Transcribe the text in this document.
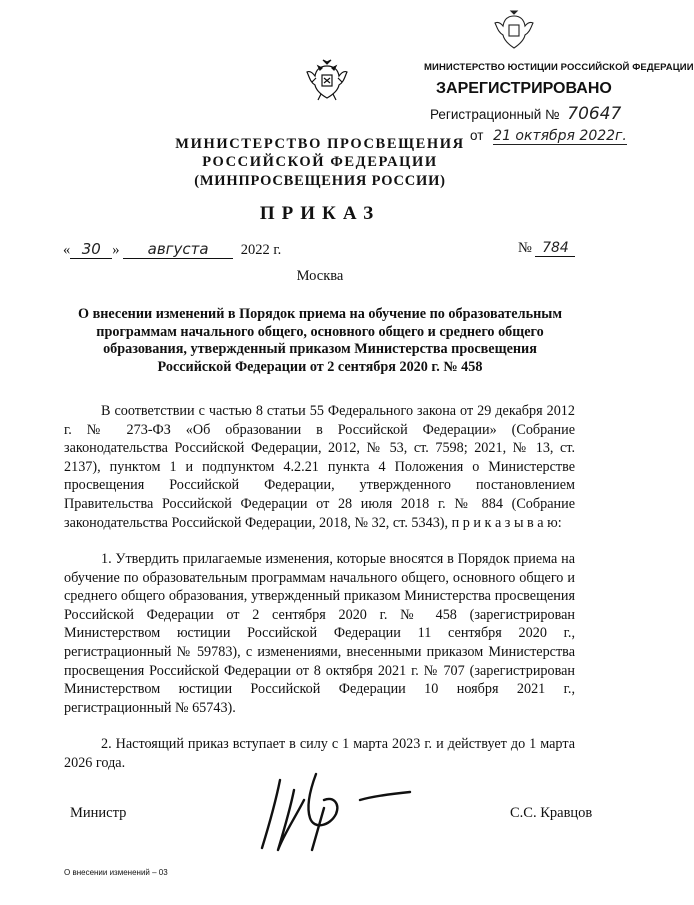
МИНИСТЕРСТВО ЮСТИЦИИ РОССИЙСКОЙ ФЕДЕРАЦИИ
ЗАРЕГИСТРИРОВАНО
Регистрационный № 70647
от 21 октября 2022г.
МИНИСТЕРСТВО ПРОСВЕЩЕНИЯ
РОССИЙСКОЙ ФЕДЕРАЦИИ
(МИНПРОСВЕЩЕНИЯ РОССИИ)
ПРИКАЗ
« 30 » августа 2022 г.	№ 784
Москва
О внесении изменений в Порядок приема на обучение по образовательным программам начального общего, основного общего и среднего общего образования, утвержденный приказом Министерства просвещения Российской Федерации от 2 сентября 2020 г. № 458
В соответствии с частью 8 статьи 55 Федерального закона от 29 декабря 2012 г. № 273-ФЗ «Об образовании в Российской Федерации» (Собрание законодательства Российской Федерации, 2012, № 53, ст. 7598; 2021, № 13, ст. 2137), пунктом 1 и подпунктом 4.2.21 пункта 4 Положения о Министерстве просвещения Российской Федерации, утвержденного постановлением Правительства Российской Федерации от 28 июля 2018 г. № 884 (Собрание законодательства Российской Федерации, 2018, № 32, ст. 5343), п р и к а з ы в а ю:
1. Утвердить прилагаемые изменения, которые вносятся в Порядок приема на обучение по образовательным программам начального общего, основного общего и среднего общего образования, утвержденный приказом Министерства просвещения Российской Федерации от 2 сентября 2020 г. № 458 (зарегистрирован Министерством юстиции Российской Федерации 11 сентября 2020 г., регистрационный № 59783), с изменениями, внесенными приказом Министерства просвещения Российской Федерации от 8 октября 2021 г. № 707 (зарегистрирован Министерством юстиции Российской Федерации 10 ноября 2021 г., регистрационный № 65743).
2. Настоящий приказ вступает в силу с 1 марта 2023 г. и действует до 1 марта 2026 года.
Министр	С.С. Кравцов
О внесении изменений – 03
